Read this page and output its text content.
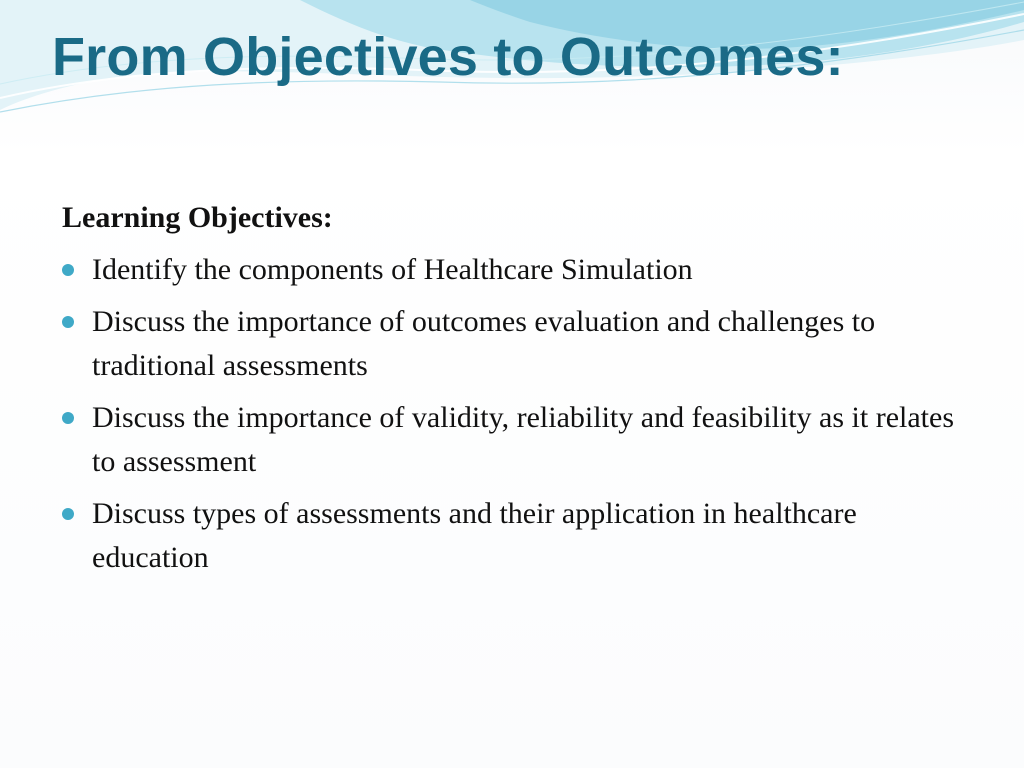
From Objectives to Outcomes:
Learning Objectives:
Identify the components of Healthcare Simulation
Discuss the importance of outcomes evaluation and challenges to traditional assessments
Discuss the importance of validity, reliability and feasibility as it relates to assessment
Discuss types of assessments and their application in healthcare education
